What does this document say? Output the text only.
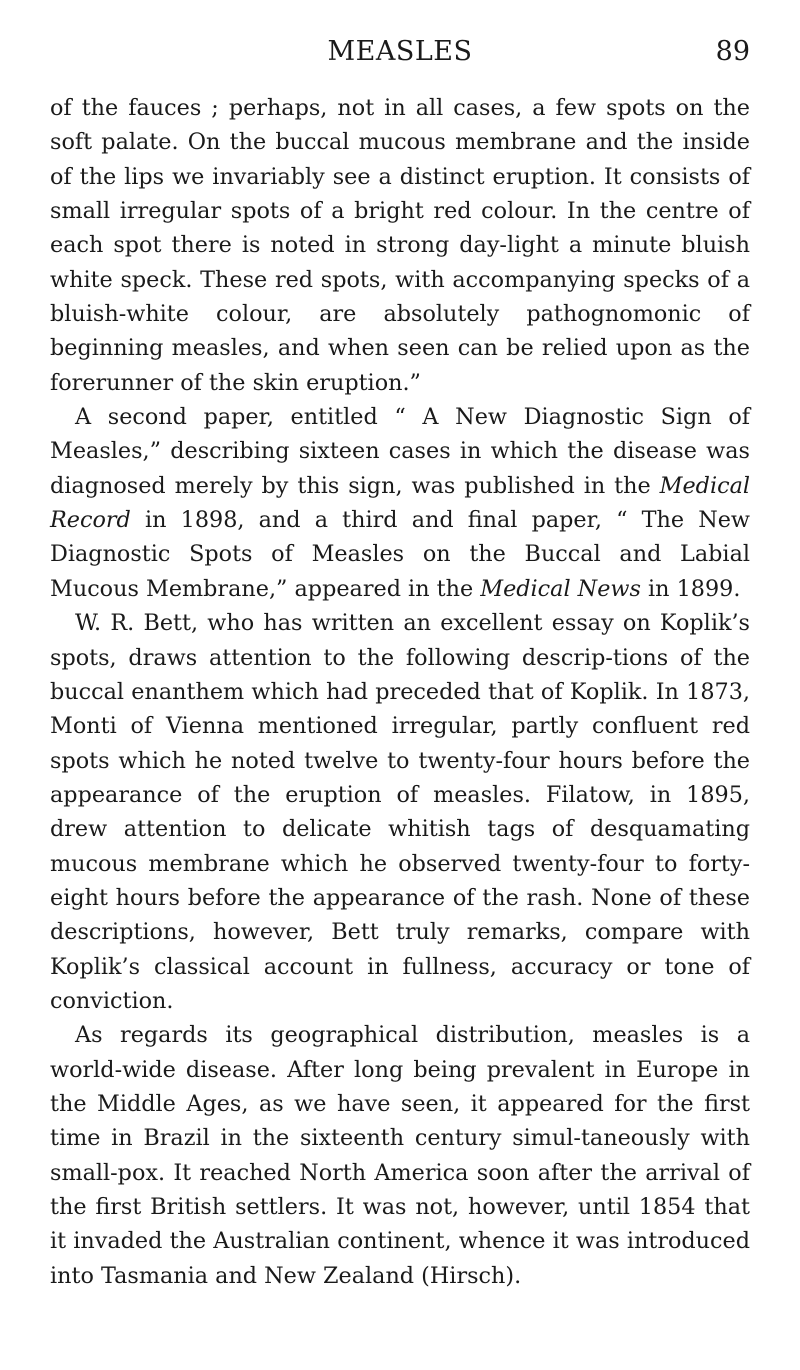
MEASLES	89

of the fauces ; perhaps, not in all cases, a few spots on the soft palate. On the buccal mucous membrane and the inside of the lips we invariably see a distinct eruption. It consists of small irregular spots of a bright red colour. In the centre of each spot there is noted in strong day-light a minute bluish white speck. These red spots, with accompanying specks of a bluish-white colour, are absolutely pathognomonic of beginning measles, and when seen can be relied upon as the forerunner of the skin eruption.”

A second paper, entitled “ A New Diagnostic Sign of Measles,” describing sixteen cases in which the disease was diagnosed merely by this sign, was published in the Medical Record in 1898, and a third and final paper, “ The New Diagnostic Spots of Measles on the Buccal and Labial Mucous Membrane,” appeared in the Medical News in 1899.

W. R. Bett, who has written an excellent essay on Koplik’s spots, draws attention to the following descrip-tions of the buccal enanthem which had preceded that of Koplik. In 1873, Monti of Vienna mentioned irregular, partly confluent red spots which he noted twelve to twenty-four hours before the appearance of the eruption of measles. Filatow, in 1895, drew attention to delicate whitish tags of desquamating mucous membrane which he observed twenty-four to forty-eight hours before the appearance of the rash. None of these descriptions, however, Bett truly remarks, compare with Koplik’s classical account in fullness, accuracy or tone of conviction.

As regards its geographical distribution, measles is a world-wide disease. After long being prevalent in Europe in the Middle Ages, as we have seen, it appeared for the first time in Brazil in the sixteenth century simul-taneously with small-pox. It reached North America soon after the arrival of the first British settlers. It was not, however, until 1854 that it invaded the Australian continent, whence it was introduced into Tasmania and New Zealand (Hirsch).
